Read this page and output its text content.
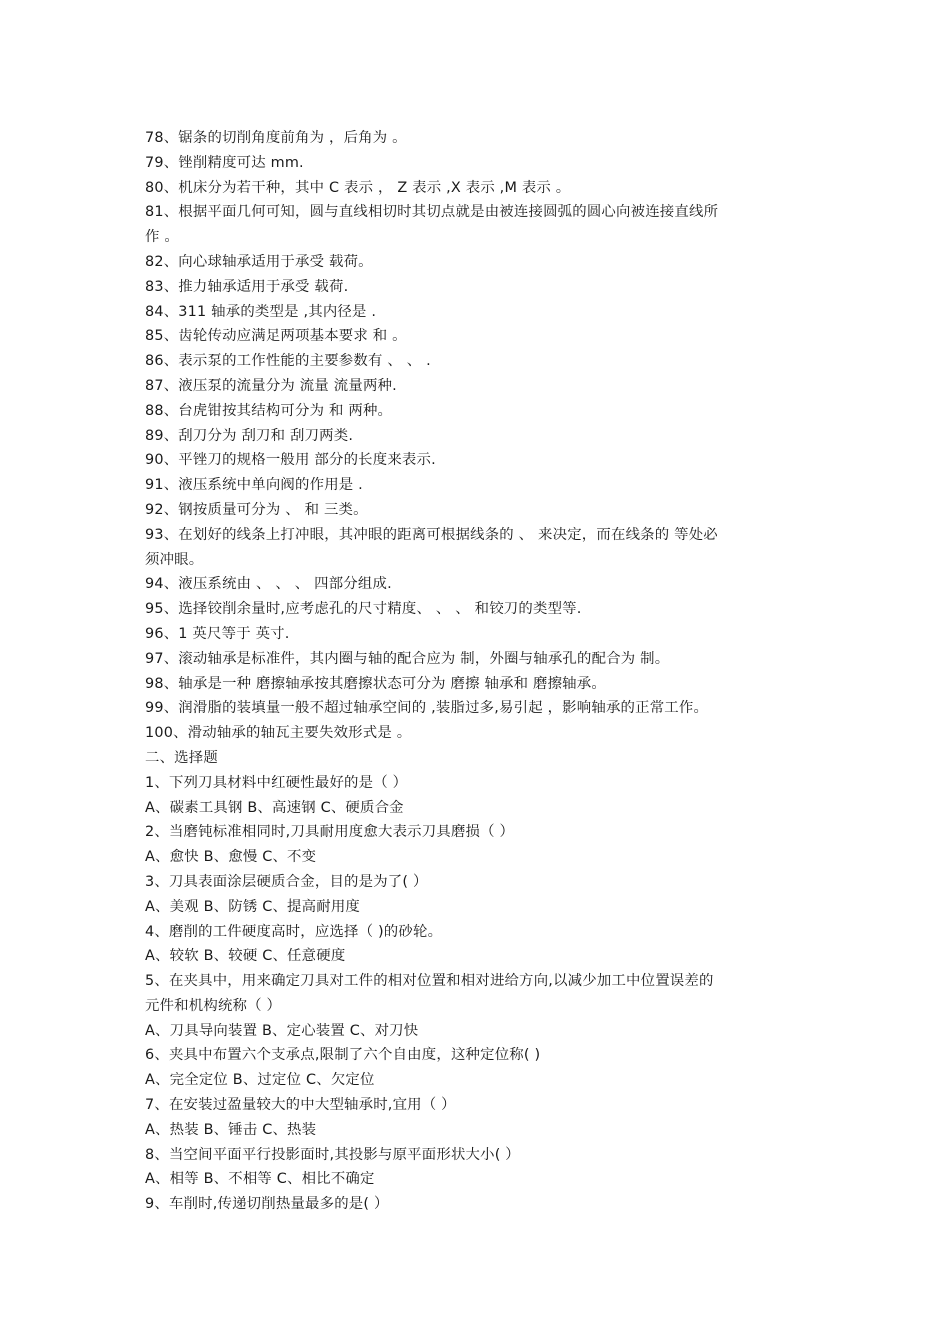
78、锯条的切削角度前角为 ，后角为 。
79、锉削精度可达 mm.
80、机床分为若干种，其中 C 表示 ， Z 表示 ,X 表示 ,M 表示 。
81、根据平面几何可知，圆与直线相切时其切点就是由被连接圆弧的圆心向被连接直线所
作 。
82、向心球轴承适用于承受 载荷。
83、推力轴承适用于承受 载荷.
84、311 轴承的类型是 ,其内径是 .
85、齿轮传动应满足两项基本要求 和 。
86、表示泵的工作性能的主要参数有 、 、 .
87、液压泵的流量分为 流量 流量两种.
88、台虎钳按其结构可分为 和 两种。
89、刮刀分为 刮刀和 刮刀两类.
90、平锉刀的规格一般用 部分的长度来表示.
91、液压系统中单向阀的作用是 .
92、钢按质量可分为 、 和 三类。
93、在划好的线条上打冲眼，其冲眼的距离可根据线条的 、 来决定，而在线条的 等处必
须冲眼。
94、液压系统由 、 、 、 四部分组成.
95、选择铰削余量时,应考虑孔的尺寸精度、 、 、 和铰刀的类型等.
96、1 英尺等于 英寸.
97、滚动轴承是标准件，其内圈与轴的配合应为 制，外圈与轴承孔的配合为 制。
98、轴承是一种 磨擦轴承按其磨擦状态可分为 磨擦 轴承和 磨擦轴承。
99、润滑脂的装填量一般不超过轴承空间的 ,装脂过多,易引起 ，影响轴承的正常工作。
100、滑动轴承的轴瓦主要失效形式是 。
二、选择题
1、下列刀具材料中红硬性最好的是（ ）
A、碳素工具钢 B、高速钢 C、硬质合金
2、当磨钝标准相同时,刀具耐用度愈大表示刀具磨损（ ）
A、愈快 B、愈慢 C、不变
3、刀具表面涂层硬质合金，目的是为了( ）
A、美观 B、防锈 C、提高耐用度
4、磨削的工件硬度高时，应选择（ )的砂轮。
A、较软 B、较硬 C、任意硬度
5、在夹具中，用来确定刀具对工件的相对位置和相对进给方向,以减少加工中位置误差的
元件和机构统称（ ）
A、刀具导向装置 B、定心装置 C、对刀快
6、夹具中布置六个支承点,限制了六个自由度，这种定位称( )
A、完全定位 B、过定位 C、欠定位
7、在安装过盈量较大的中大型轴承时,宜用（ ）
A、热装 B、锤击 C、热装
8、当空间平面平行投影面时,其投影与原平面形状大小( ）
A、相等 B、不相等 C、相比不确定
9、车削时,传递切削热量最多的是( ）
